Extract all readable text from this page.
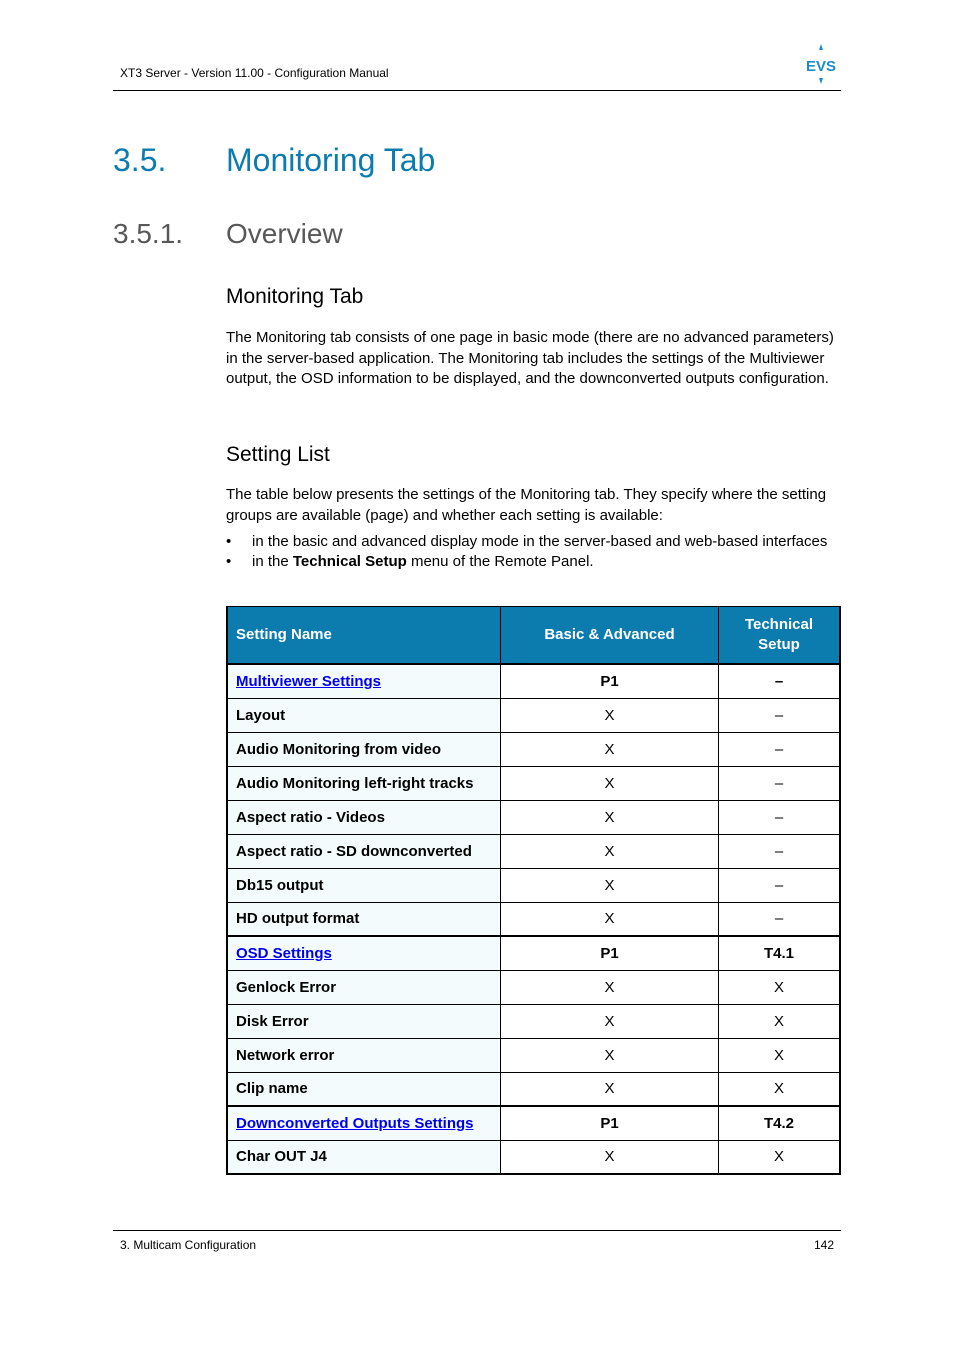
XT3 Server - Version 11.00 - Configuration Manual	EVS
3.5. Monitoring Tab
3.5.1. Overview
Monitoring Tab

The Monitoring tab consists of one page in basic mode (there are no advanced parameters) in the server-based application. The Monitoring tab includes the settings of the Multiviewer output, the OSD information to be displayed, and the downconverted outputs configuration.

Setting List

The table below presents the settings of the Monitoring tab. They specify where the setting groups are available (page) and whether each setting is available:

• in the basic and advanced display mode in the server-based and web-based interfaces
• in the Technical Setup menu of the Remote Panel.
Setting Name	Basic & Advanced	Technical Setup
Multiviewer Settings	P1	–
Layout	X	–
Audio Monitoring from video	X	–
Audio Monitoring left-right tracks	X	–
Aspect ratio - Videos	X	–
Aspect ratio - SD downconverted	X	–
Db15 output	X	–
HD output format	X	–
OSD Settings	P1	T4.1
Genlock Error	X	X
Disk Error	X	X
Network error	X	X
Clip name	X	X
Downconverted Outputs Settings	P1	T4.2
Char OUT J4	X	X
3. Multicam Configuration	142
